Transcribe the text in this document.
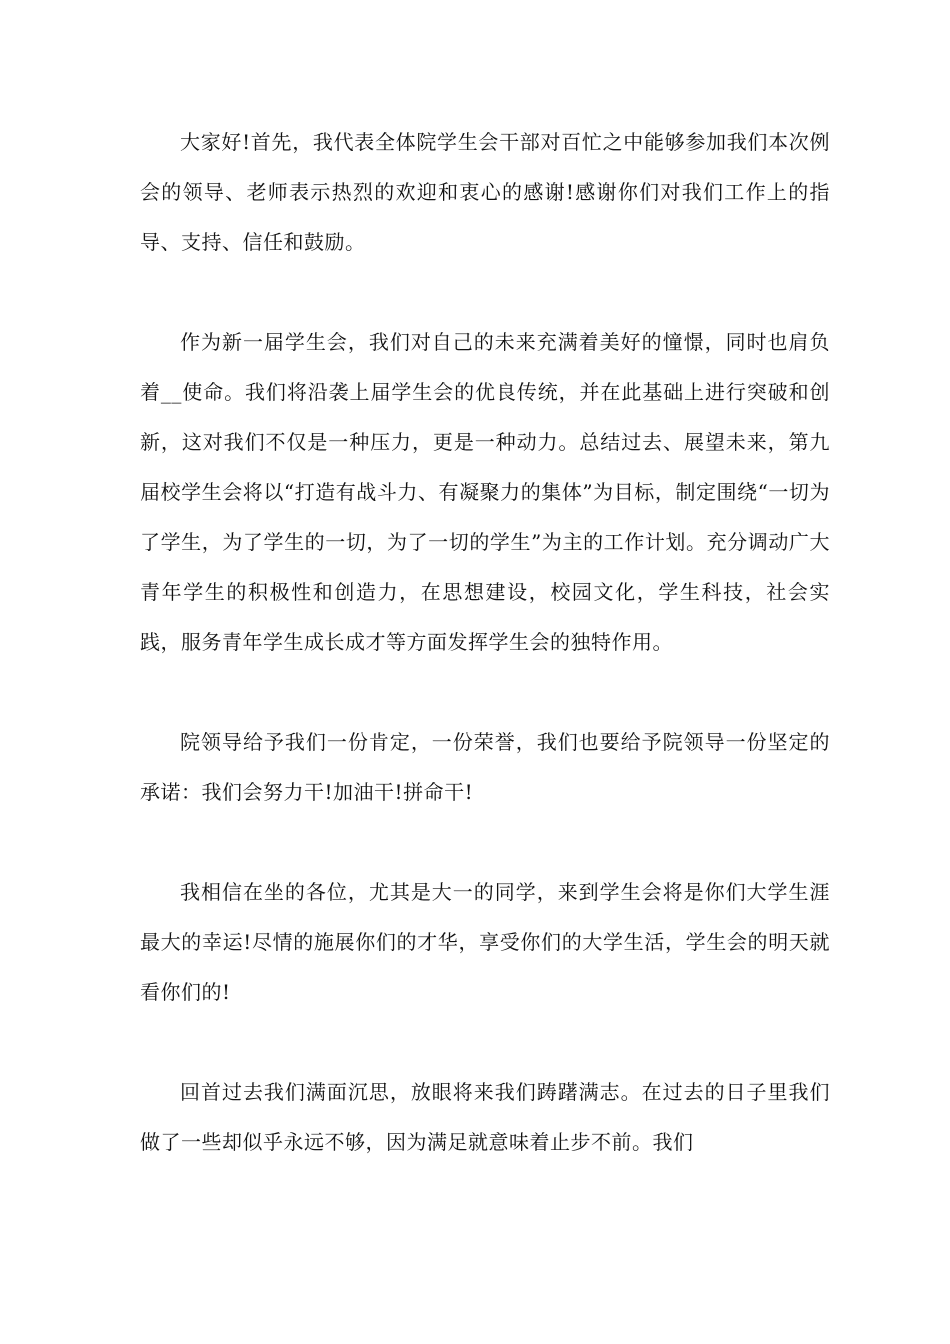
大家好!首先，我代表全体院学生会干部对百忙之中能够参加我们本次例会的领导、老师表示热烈的欢迎和衷心的感谢!感谢你们对我们工作上的指导、支持、信任和鼓励。

作为新一届学生会，我们对自己的未来充满着美好的憧憬，同时也肩负着__使命。我们将沿袭上届学生会的优良传统，并在此基础上进行突破和创新，这对我们不仅是一种压力，更是一种动力。总结过去、展望未来，第九届校学生会将以“打造有战斗力、有凝聚力的集体”为目标，制定围绕“一切为了学生，为了学生的一切，为了一切的学生”为主的工作计划。充分调动广大青年学生的积极性和创造力，在思想建设，校园文化，学生科技，社会实践，服务青年学生成长成才等方面发挥学生会的独特作用。

院领导给予我们一份肯定，一份荣誉，我们也要给予院领导一份坚定的承诺：我们会努力干!加油干!拼命干!

我相信在坐的各位，尤其是大一的同学，来到学生会将是你们大学生涯最大的幸运!尽情的施展你们的才华，享受你们的大学生活，学生会的明天就看你们的!

回首过去我们满面沉思，放眼将来我们踌躇满志。在过去的日子里我们做了一些却似乎永远不够，因为满足就意味着止步不前。我们
